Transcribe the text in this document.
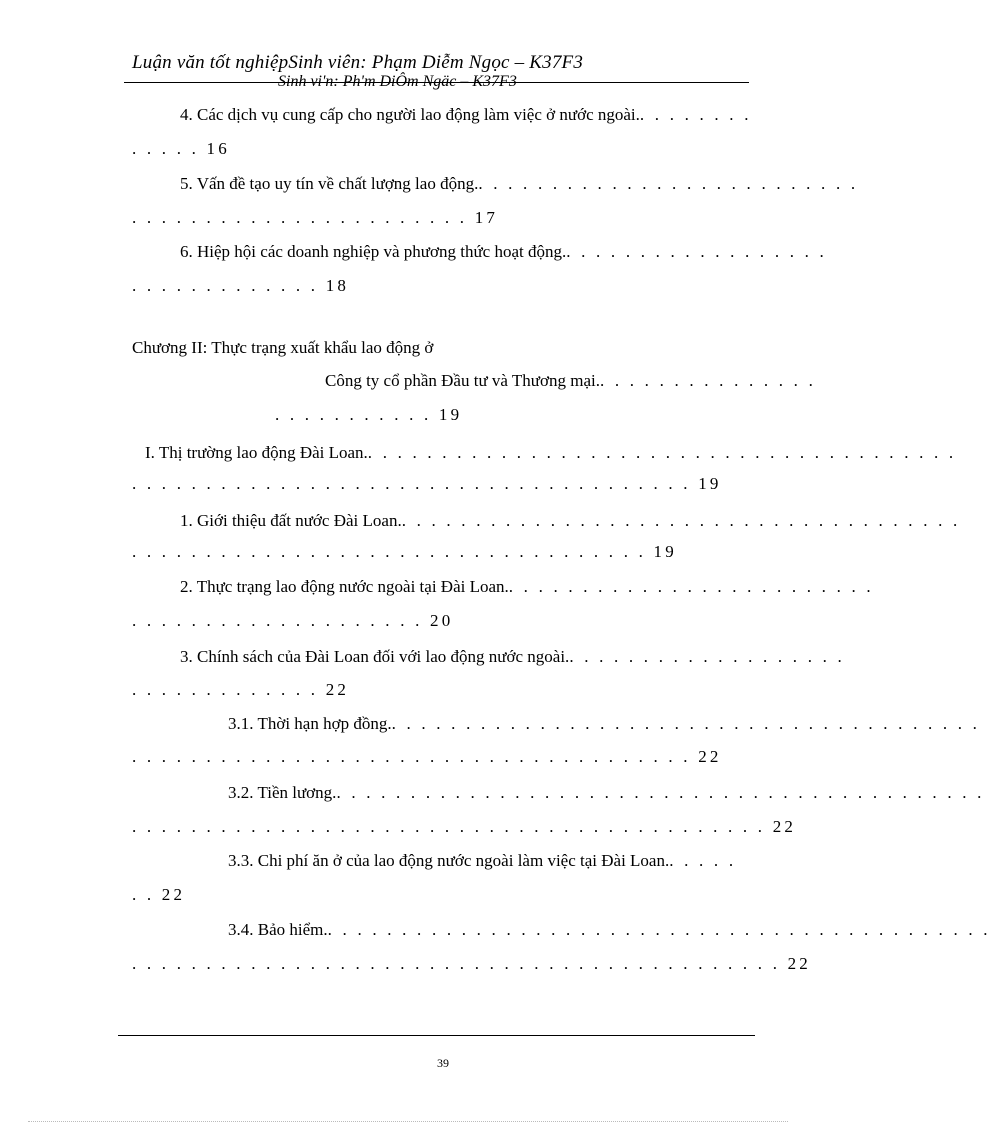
Luận văn tốt nghiệpSinh viên: Phạm Diễm Ngọc – K37F3
Sinh vi'n: Ph'm DiÔm Ngäc – K37F3
4. Các dịch vụ cung cấp cho người lao động làm việc ở nước ngoài.. . . . . . . .
. . . . . 16
5. Vấn đề tạo uy tín về chất lượng lao động.. . . . . . . . . . . . . . . . . . . . . . . . . .
. . . . . . . . . . . . . . . . . . . . . . . 17
6. Hiệp hội các doanh nghiệp và phương thức hoạt động.. . . . . . . . . . . . . . . . . .
. . . . . . . . . . . . . 18
Chương II: Thực trạng xuất khẩu lao động ở
Công ty cổ phần Đầu tư và Thương mại.. . . . . . . . . . . . . . .
. . . . . . . . . . . 19
I. Thị trường lao động Đài Loan.. . . . . . . . . . . . . . . . . . . . . . . . . . . . . . . . . . . . . . . .
. . . . . . . . . . . . . . . . . . . . . . . . . . . . . . . . . . . . . . 19
1. Giới thiệu đất nước Đài Loan.. . . . . . . . . . . . . . . . . . . . . . . . . . . . . . . . . . . . . .
. . . . . . . . . . . . . . . . . . . . . . . . . . . . . . . . . . . 19
2. Thực trạng lao động nước ngoài tại Đài Loan.. . . . . . . . . . . . . . . . . . . . . . . . .
. . . . . . . . . . . . . . . . . . . . 20
3. Chính sách của Đài Loan đối với lao động nước ngoài.. . . . . . . . . . . . . . . . . . .
. . . . . . . . . . . . . 22
3.1. Thời hạn hợp đồng.. . . . . . . . . . . . . . . . . . . . . . . . . . . . . . . . . . . . . . . .
. . . . . . . . . . . . . . . . . . . . . . . . . . . . . . . . . . . . . . 22
3.2. Tiền lương.. . . . . . . . . . . . . . . . . . . . . . . . . . . . . . . . . . . . . . . . . . . .
. . . . . . . . . . . . . . . . . . . . . . . . . . . . . . . . . . . . . . . . . . . 22
3.3. Chi phí ăn ở của lao động nước ngoài làm việc tại Đài Loan.. . . . .
. . 22
3.4. Bảo hiểm.. . . . . . . . . . . . . . . . . . . . . . . . . . . . . . . . . . . . . . . . . . . . .
. . . . . . . . . . . . . . . . . . . . . . . . . . . . . . . . . . . . . . . . . . . . 22
39
